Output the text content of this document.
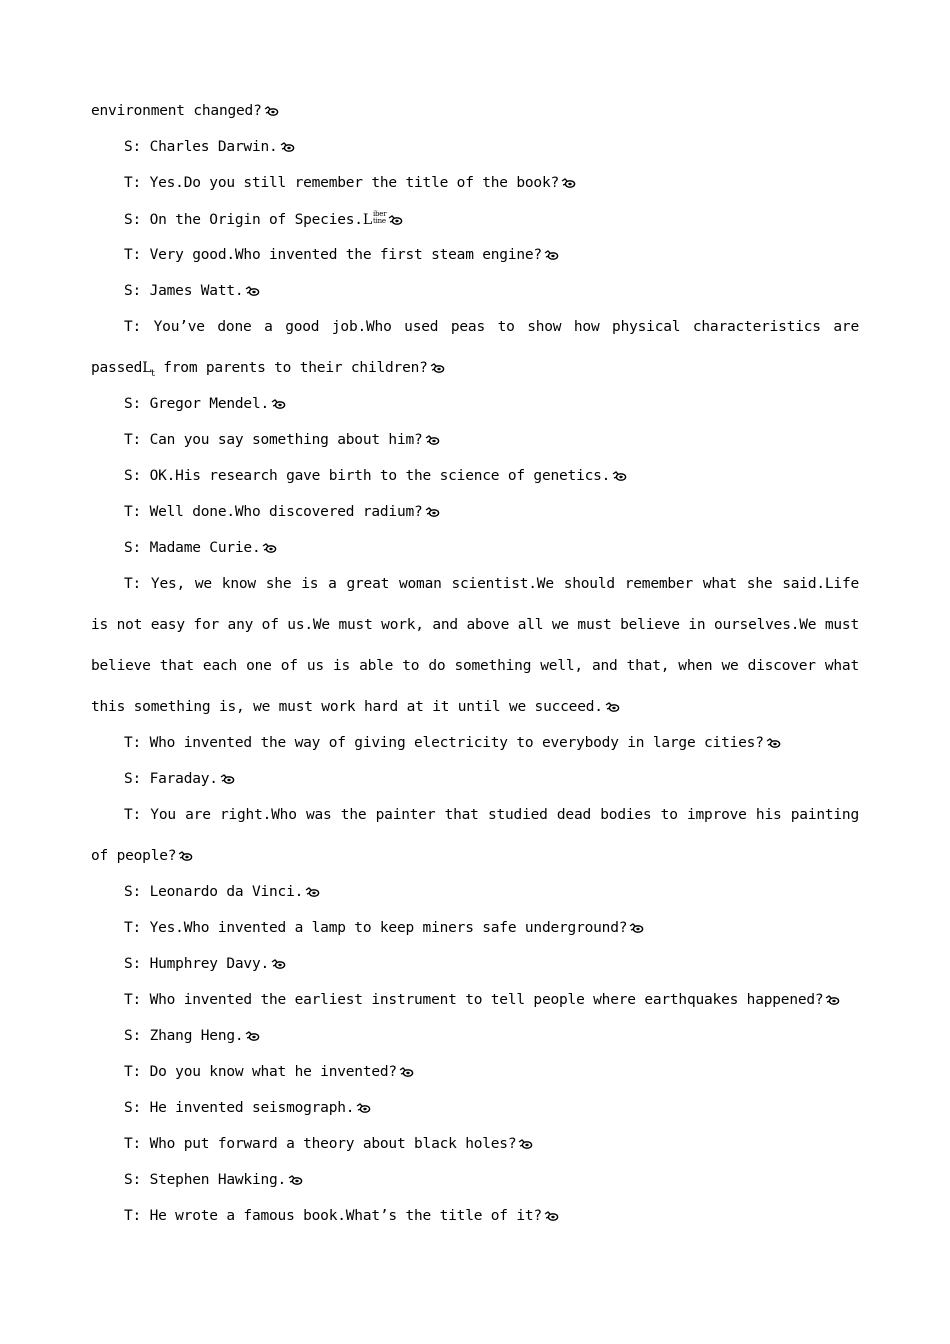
environment changed?

S: Charles Darwin.

T: Yes.Do you still remember the title of the book?

S: On the Origin of Species.L iber
tine

T: Very good.Who invented the first steam engine?

S: James Watt.

T: You’ve done a good job.Who used peas to show how physical characteristics are

passedL$_t$ from parents to their children?

S: Gregor Mendel.

T: Can you say something about him?

S: OK.His research gave birth to the science of genetics.

T: Well done.Who discovered radium?

S: Madame Curie.

T: Yes, we know she is a great woman scientist.We should remember what she said.Life is not easy for any of us.We must work, and above all we must believe in ourselves.We must believe that each one of us is able to do something well, and that, when we discover what this something is, we must work hard at it until we succeed.

T: Who invented the way of giving electricity to everybody in large cities?

S: Faraday.

T: You are right.Who was the painter that studied dead bodies to improve his painting of people?

S: Leonardo da Vinci.

T: Yes.Who invented a lamp to keep miners safe underground?

S: Humphrey Davy.

T: Who invented the earliest instrument to tell people where earthquakes happened?

S: Zhang Heng.

T: Do you know what he invented?

S: He invented seismograph.

T: Who put forward a theory about black holes?

S: Stephen Hawking.

T: He wrote a famous book.What’s the title of it?
